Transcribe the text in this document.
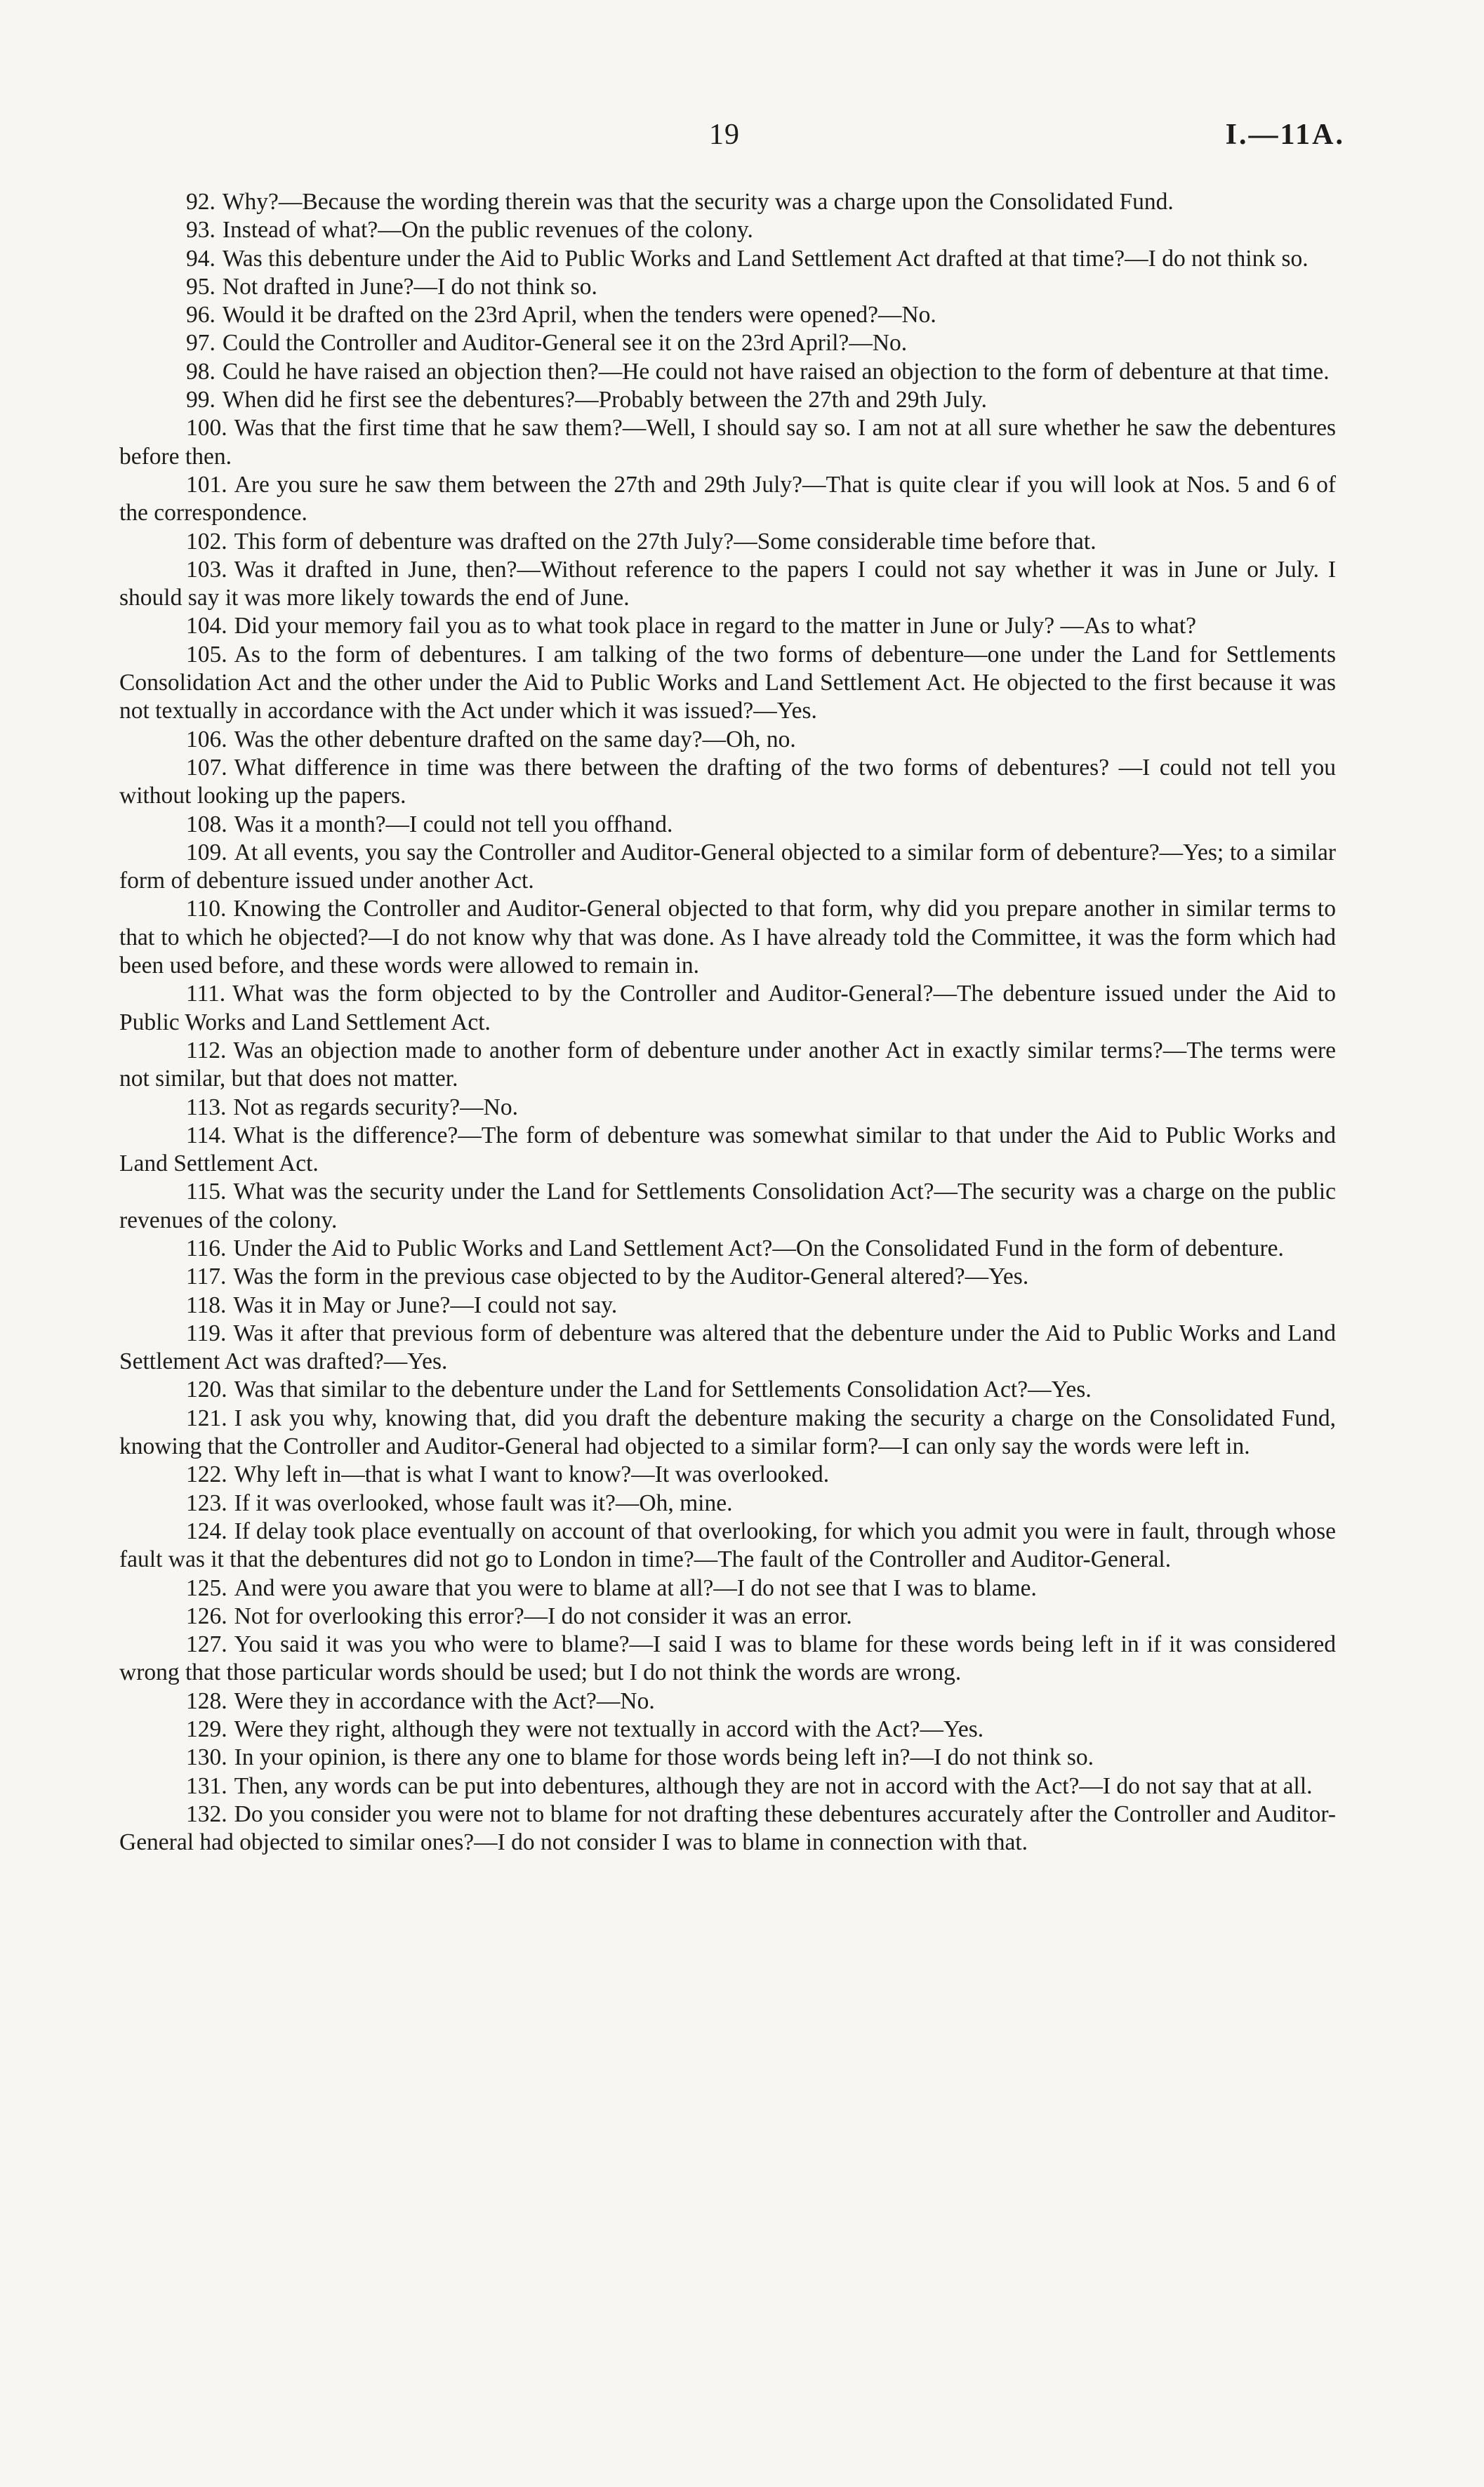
19	I.—11A.

92. Why?—Because the wording therein was that the security was a charge upon the Consolidated Fund.

93. Instead of what?—On the public revenues of the colony.

94. Was this debenture under the Aid to Public Works and Land Settlement Act drafted at that time?—I do not think so.

95. Not drafted in June?—I do not think so.

96. Would it be drafted on the 23rd April, when the tenders were opened?—No.

97. Could the Controller and Auditor-General see it on the 23rd April?—No.

98. Could he have raised an objection then?—He could not have raised an objection to the form of debenture at that time.

99. When did he first see the debentures?—Probably between the 27th and 29th July.

100. Was that the first time that he saw them?—Well, I should say so. I am not at all sure whether he saw the debentures before then.

101. Are you sure he saw them between the 27th and 29th July?—That is quite clear if you will look at Nos. 5 and 6 of the correspondence.

102. This form of debenture was drafted on the 27th July?—Some considerable time before that.

103. Was it drafted in June, then?—Without reference to the papers I could not say whether it was in June or July. I should say it was more likely towards the end of June.

104. Did your memory fail you as to what took place in regard to the matter in June or July? —As to what?

105. As to the form of debentures. I am talking of the two forms of debenture—one under the Land for Settlements Consolidation Act and the other under the Aid to Public Works and Land Settlement Act. He objected to the first because it was not textually in accordance with the Act under which it was issued?—Yes.

106. Was the other debenture drafted on the same day?—Oh, no.

107. What difference in time was there between the drafting of the two forms of debentures? —I could not tell you without looking up the papers.

108. Was it a month?—I could not tell you offhand.

109. At all events, you say the Controller and Auditor-General objected to a similar form of debenture?—Yes; to a similar form of debenture issued under another Act.

110. Knowing the Controller and Auditor-General objected to that form, why did you prepare another in similar terms to that to which he objected?—I do not know why that was done. As I have already told the Committee, it was the form which had been used before, and these words were allowed to remain in.

111. What was the form objected to by the Controller and Auditor-General?—The debenture issued under the Aid to Public Works and Land Settlement Act.

112. Was an objection made to another form of debenture under another Act in exactly similar terms?—The terms were not similar, but that does not matter.

113. Not as regards security?—No.

114. What is the difference?—The form of debenture was somewhat similar to that under the Aid to Public Works and Land Settlement Act.

115. What was the security under the Land for Settlements Consolidation Act?—The security was a charge on the public revenues of the colony.

116. Under the Aid to Public Works and Land Settlement Act?—On the Consolidated Fund in the form of debenture.

117. Was the form in the previous case objected to by the Auditor-General altered?—Yes.

118. Was it in May or June?—I could not say.

119. Was it after that previous form of debenture was altered that the debenture under the Aid to Public Works and Land Settlement Act was drafted?—Yes.

120. Was that similar to the debenture under the Land for Settlements Consolidation Act?—Yes.

121. I ask you why, knowing that, did you draft the debenture making the security a charge on the Consolidated Fund, knowing that the Controller and Auditor-General had objected to a similar form?—I can only say the words were left in.

122. Why left in—that is what I want to know?—It was overlooked.

123. If it was overlooked, whose fault was it?—Oh, mine.

124. If delay took place eventually on account of that overlooking, for which you admit you were in fault, through whose fault was it that the debentures did not go to London in time?—The fault of the Controller and Auditor-General.

125. And were you aware that you were to blame at all?—I do not see that I was to blame.

126. Not for overlooking this error?—I do not consider it was an error.

127. You said it was you who were to blame?—I said I was to blame for these words being left in if it was considered wrong that those particular words should be used; but I do not think the words are wrong.

128. Were they in accordance with the Act?—No.

129. Were they right, although they were not textually in accord with the Act?—Yes.

130. In your opinion, is there any one to blame for those words being left in?—I do not think so.

131. Then, any words can be put into debentures, although they are not in accord with the Act?—I do not say that at all.

132. Do you consider you were not to blame for not drafting these debentures accurately after the Controller and Auditor-General had objected to similar ones?—I do not consider I was to blame in connection with that.
